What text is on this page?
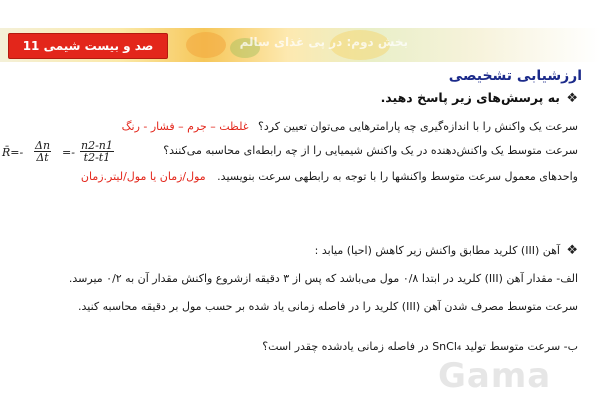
بخش دوم: در پی غذای سالم
صد و بیست شیمی 11
ارزشیابی تشخیصی
❖به پرسش‌های زیر پاسخ دهید.
سرعت یک واکنش را با اندازه‌گیری چه پارامترهایی می‌توان تعیین کرد؟ غلظت – جرم – فشار - رنگ
سرعت متوسط یک واکنش‌دهنده در یک واکنش شیمیایی را از چه رابطه‌ای محاسبه می‌کنند؟
R̄=- $\frac{\Delta n}{\Delta t} =- \frac{n2-n1}{t2-t1}$
واحدهای معمول سرعت متوسط واکنشها را با توجه به رابطهی سرعت بنویسید. مول/زمان یا مول/لیتر.زمان
❖آهن (III) کلرید مطابق واکنش زیر کاهش (احیا) میابد :
الف- مقدار آهن (III) کلرید در ابتدا ۰/۸ مول می‌باشد که پس از ۳ دقیقه ازشروع واکنش مقدار آن به ۰/۲ میرسد.
سرعت متوسط مصرف شدن آهن (III) کلرید را در فاصله زمانی یاد شده بر حسب مول بر دقیقه محاسبه کنید.
ب- سرعت متوسط تولید SnCl₄ در فاصله زمانی یادشده چقدر است؟
Gama
